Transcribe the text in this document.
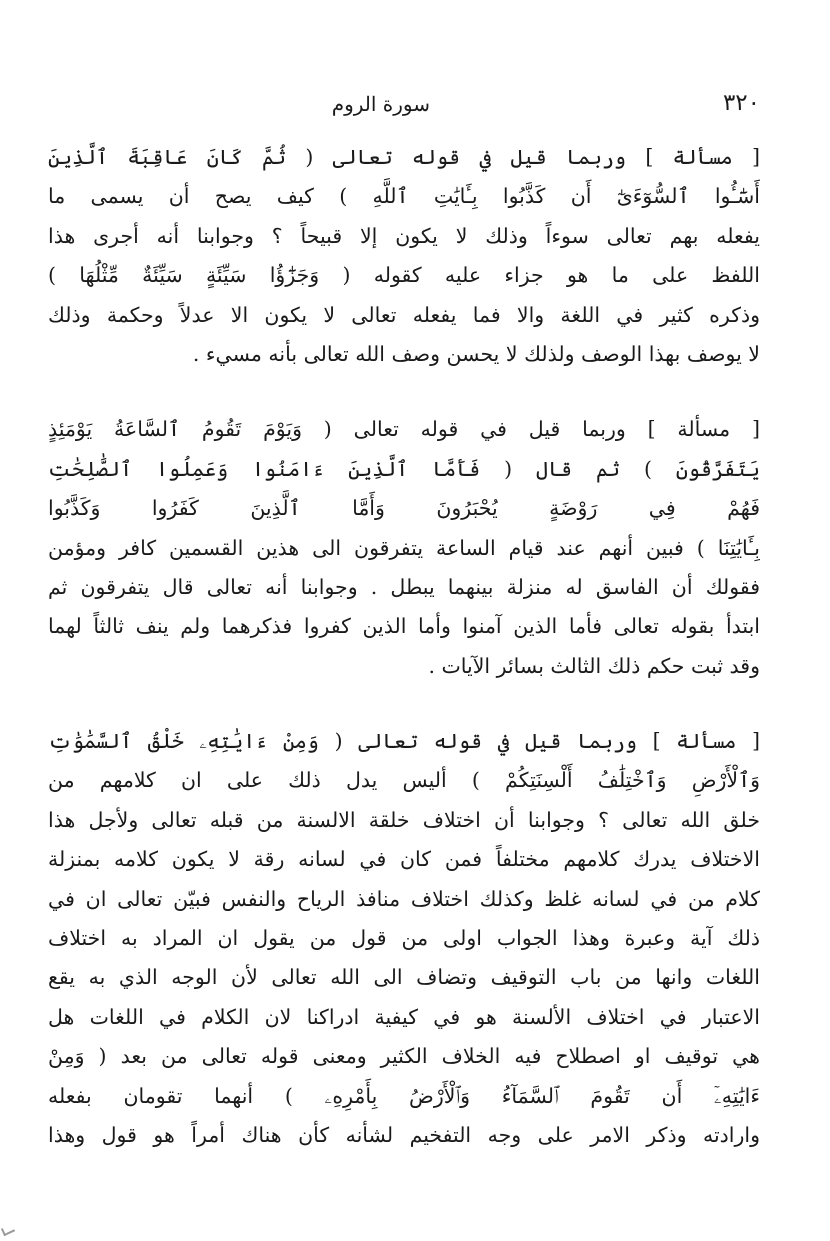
٣٢٠
سورة الروم
[ مسألة ] وربما قيل في قوله تعالى ( ثُمَّ كَانَ عَاقِبَةَ ٱلَّذِينَ
أَسَٰٓـُٔوا ٱلسُّوٓءَىٰٓ أَن كَذَّبُوا بِـَٔايَٰتِ ٱللَّهِ ) كيف يصح أن يسمى ما
يفعله بهم تعالى سوءاً وذلك لا يكون إلا قبيحاً ؟ وجوابنا أنه أجرى هذا
اللفظ على ما هو جزاء عليه كقوله ( وَجَزَٰٓؤُا سَيِّئَةٍ سَيِّئَةٌ مِّثْلُهَا )
وذكره كثير في اللغة والا فما يفعله تعالى لا يكون الا عدلاً وحكمة وذلك
لا يوصف بهذا الوصف ولذلك لا يحسن وصف الله تعالى بأنه مسيء .
[ مسألة ] وربما قيل في قوله تعالى ( وَيَوْمَ تَقُومُ ٱلسَّاعَةُ يَوْمَئِذٍ
يَتَفَرَّقُونَ ) ثم قال ( فَأَمَّا ٱلَّذِينَ ءَامَنُوا وَعَمِلُوا ٱلصَّٰلِحَٰتِ
فَهُمْ فِي رَوْضَةٍ يُحْبَرُونَ وَأَمَّا ٱلَّذِينَ كَفَرُوا وَكَذَّبُوا
بِـَٔايَٰتِنَا ) فبين أنهم عند قيام الساعة يتفرقون الى هذين القسمين كافر ومؤمن
فقولك أن الفاسق له منزلة بينهما يبطل . وجوابنا أنه تعالى قال يتفرقون ثم
ابتدأ بقوله تعالى فأما الذين آمنوا وأما الذين كفروا فذكرهما ولم ينف ثالثاً لهما
وقد ثبت حكم ذلك الثالث بسائر الآيات .
[ مسألة ] وربما قيل في قوله تعالى ( وَمِنْ ءَايَٰتِهِۦ خَلْقُ ٱلسَّمَٰوَٰتِ
وَٱلْأَرْضِ وَٱخْتِلَٰفُ أَلْسِنَتِكُمْ ) أليس يدل ذلك على ان كلامهم من
خلق الله تعالى ؟ وجوابنا أن اختلاف خلقة الالسنة من قبله تعالى ولأجل هذا
الاختلاف يدرك كلامهم مختلفاً فمن كان في لسانه رقة لا يكون كلامه بمنزلة
كلام من في لسانه غلظ وكذلك اختلاف منافذ الرياح والنفس فبيّن تعالى ان في
ذلك آية وعبرة وهذا الجواب اولى من قول من يقول ان المراد به اختلاف
اللغات وانها من باب التوقيف وتضاف الى الله تعالى لأن الوجه الذي به يقع
الاعتبار في اختلاف الألسنة هو في كيفية ادراكنا لان الكلام في اللغات هل
هي توقيف او اصطلاح فيه الخلاف الكثير ومعنى قوله تعالى من بعد ( وَمِنْ
ءَايَٰتِهِۦٓ أَن تَقُومَ ٱلسَّمَآءُ وَٱلْأَرْضُ بِأَمْرِهِۦ ) أنهما تقومان بفعله
وارادته وذكر الامر على وجه التفخيم لشأنه كأن هناك أمراً هو قول وهذا
